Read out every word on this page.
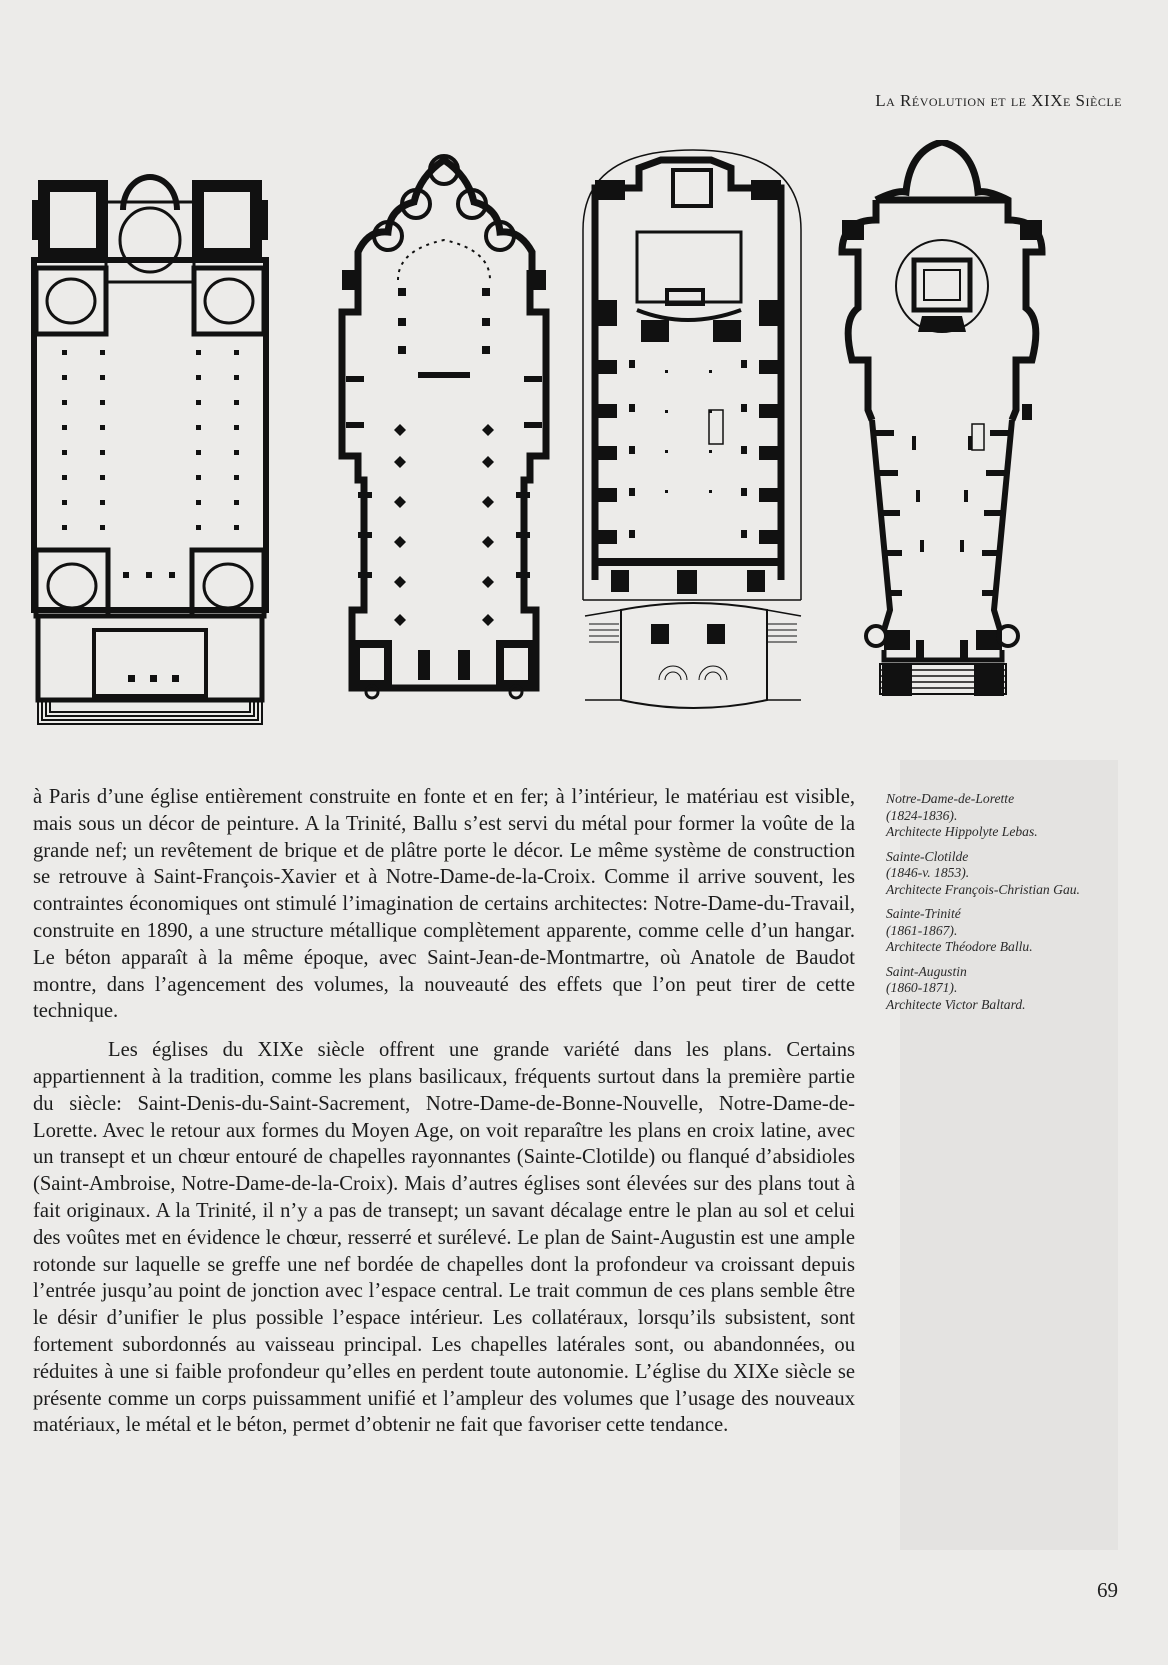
La Révolution et le XIXe Siècle

à Paris d’une église entièrement construite en fonte et en fer; à l’intérieur, le matériau est visible, mais sous un décor de peinture. A la Trinité, Ballu s’est servi du métal pour former la voûte de la grande nef; un revêtement de brique et de plâtre porte le décor. Le même système de construction se retrouve à Saint-François-Xavier et à Notre-Dame-de-la-Croix. Comme il arrive souvent, les contraintes économiques ont stimulé l’imagination de certains architectes: Notre-Dame-du-Travail, construite en 1890, a une structure métallique complètement apparente, comme celle d’un hangar. Le béton apparaît à la même époque, avec Saint-Jean-de-Montmartre, où Anatole de Baudot montre, dans l’agencement des volumes, la nouveauté des effets que l’on peut tirer de cette technique.

Les églises du XIXe siècle offrent une grande variété dans les plans. Certains appartiennent à la tradition, comme les plans basilicaux, fréquents surtout dans la première partie du siècle: Saint-Denis-du-Saint-Sacrement, Notre-Dame-de-Bonne-Nouvelle, Notre-Dame-de-Lorette. Avec le retour aux formes du Moyen Age, on voit reparaître les plans en croix latine, avec un transept et un chœur entouré de chapelles rayonnantes (Sainte-Clotilde) ou flanqué d’absidioles (Saint-Ambroise, Notre-Dame-de-la-Croix). Mais d’autres églises sont élevées sur des plans tout à fait originaux. A la Trinité, il n’y a pas de transept; un savant décalage entre le plan au sol et celui des voûtes met en évidence le chœur, resserré et surélevé. Le plan de Saint-Augustin est une ample rotonde sur laquelle se greffe une nef bordée de chapelles dont la profondeur va croissant depuis l’entrée jusqu’au point de jonction avec l’espace central. Le trait commun de ces plans semble être le désir d’unifier le plus possible l’espace intérieur. Les collatéraux, lorsqu’ils subsistent, sont fortement subordonnés au vaisseau principal. Les chapelles latérales sont, ou abandonnées, ou réduites à une si faible profondeur qu’elles en perdent toute autonomie. L’église du XIXe siècle se présente comme un corps puissamment unifié et l’ampleur des volumes que l’usage des nouveaux matériaux, le métal et le béton, permet d’obtenir ne fait que favoriser cette tendance.

Notre-Dame-de-Lorette
(1824-1836).
Architecte Hippolyte Lebas.
Sainte-Clotilde
(1846-v. 1853).
Architecte François-Christian Gau.
Sainte-Trinité
(1861-1867).
Architecte Théodore Ballu.
Saint-Augustin
(1860-1871).
Architecte Victor Baltard.
69
